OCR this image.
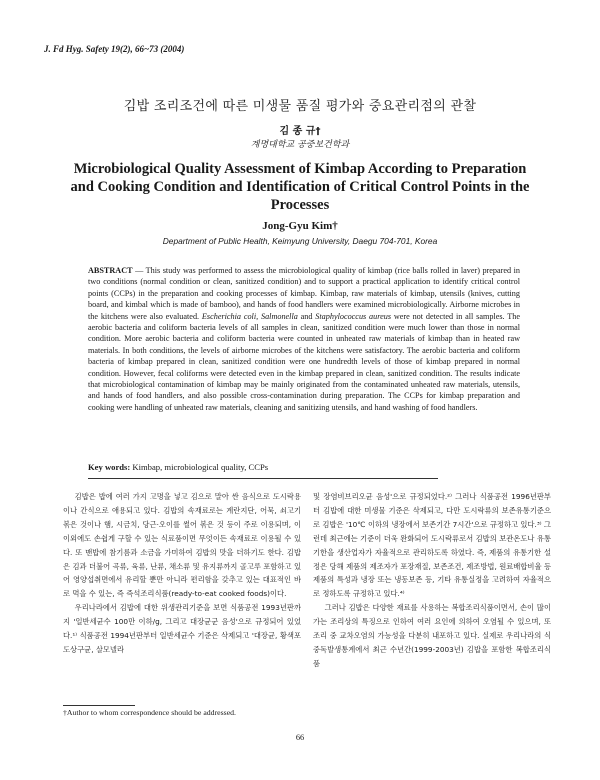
J. Fd Hyg. Safety 19(2), 66~73 (2004)
김밥 조리조건에 따른 미생물 품질 평가와 중요관리점의 관찰
김 종 규†
계명대학교 공중보건학과
Microbiological Quality Assessment of Kimbap According to Preparation and Cooking Condition and Identification of Critical Control Points in the Processes
Jong-Gyu Kim†
Department of Public Health, Keimyung University, Daegu 704-701, Korea
ABSTRACT — This study was performed to assess the microbiological quality of kimbap (rice balls rolled in laver) prepared in two conditions (normal condition or clean, sanitized condition) and to support a practical application to identify critical control points (CCPs) in the preparation and cooking processes of kimbap. Kimbap, raw materials of kimbap, utensils (knives, cutting board, and kimbal which is made of bamboo), and hands of food handlers were examined microbiologically. Airborne microbes in the kitchens were also evaluated. Escherichia coli, Salmonella and Staphylococcus aureus were not detected in all samples. The aerobic bacteria and coliform bacteria levels of all samples in clean, sanitized condition were much lower than those in normal condition. More aerobic bacteria and coliform bacteria were counted in unheated raw materials of kimbap than in heated raw materials. In both conditions, the levels of airborne microbes of the kitchens were satisfactory. The aerobic bacteria and coliform bacteria of kimbap prepared in clean, sanitized condition were one hundredth levels of those of kimbap prepared in normal condition. However, fecal coliforms were detected even in the kimbap prepared in clean, sanitized condition. The results indicate that microbiological contamination of kimbap may be mainly originated from the contaminated unheated raw materials, utensils, and hands of food handlers, and also possible cross-contamination during preparation. The CCPs for kimbap preparation and cooking were handling of unheated raw materials, cleaning and sanitizing utensils, and hand washing of food handlers.
Key words: Kimbap, microbiological quality, CCPs

김밥은 밥에 여러 가지 고명을 넣고 김으로 말아 싼 음식으로 도시락용이나 간식으로 애용되고 있다. 김밥의 속재료로는 계란지단, 어묵, 쇠고기 볶은 것이나 햄, 시금치, 당근·오이를 썰어 볶은 것 등이 주로 이용되며, 이 이외에도 손쉽게 구할 수 있는 식료품이면 무엇이든 속재료로 이용될 수 있다. 또 맨밥에 참기름과 소금을 가미하여 김밥의 맛을 더하기도 한다. 김밥은 김과 더불어 곡류, 육류, 난류, 채소류 및 유지류까지 골고루 포함하고 있어 영양섭취면에서 유리할 뿐만 아니라 편리함을 갖추고 있는 대표적인 바로 먹을 수 있는, 즉 즉석조리식품(ready-to-eat cooked foods)이다.

우리나라에서 김밥에 대한 위생관리기준을 보면 식품공전 1993년판까지 '일반세균수 100만 이하/g, 그리고 대장균군 음성'으로 규정되어 있었다.¹⁾ 식품공전 1994년판부터 일반세균수 기준은 삭제되고 '대장균, 황색포도상구균, 살모넬라

및 장염비브리오균 음성'으로 규정되었다.²⁾ 그러나 식품공전 1996년판부터 김밥에 대한 미생물 기준은 삭제되고, 다만 도시락류의 보존유통기준으로 김밥은 '10℃ 이하의 냉장에서 보존기간 7시간'으로 규정하고 있다.³⁾ 그런데 최근에는 기준이 더욱 완화되어 도시락류로서 김밥의 보관온도나 유통기한을 생산업자가 자율적으로 관리하도록 하였다. 즉, 제품의 유통기한 설정은 당해 제품의 제조자가 포장재질, 보존조건, 제조방법, 원료배합비율 등 제품의 특성과 냉장 또는 냉동보존 등, 기타 유통실정을 고려하여 자율적으로 정하도록 규정하고 있다.⁴⁾

그러나 김밥은 다양한 재료를 사용하는 복합조리식품이면서, 손이 많이 가는 조리상의 특징으로 인하여 여러 요인에 의하여 오염될 수 있으며, 또 조리 중 교차오염의 가능성을 다분히 내포하고 있다. 실제로 우리나라의 식중독발생통계에서 최근 수년간(1999-2003년) 김밥을 포함한 복합조리식품

†Author to whom correspondence should be addressed.
66
